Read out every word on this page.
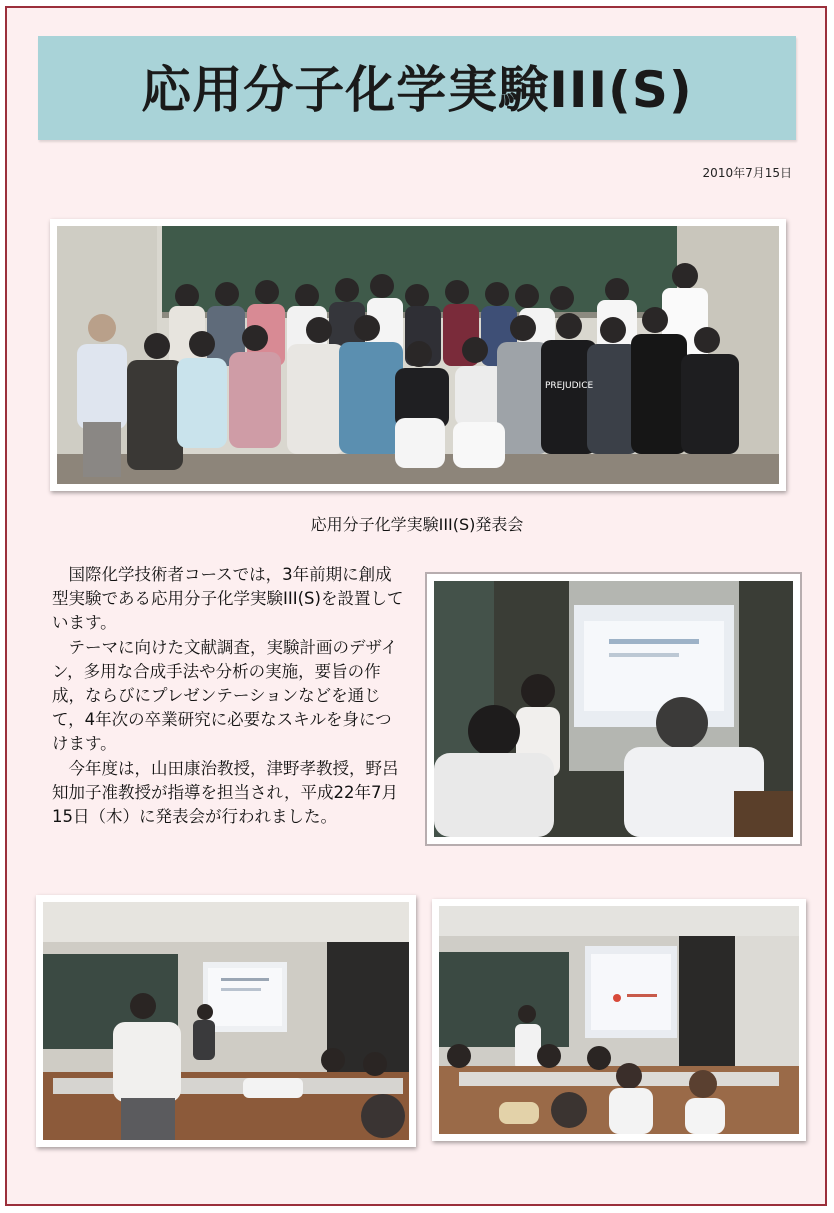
応用分子化学実験III(S)
2010年7月15日
PREJUDICE
応用分子化学実験III(S)発表会

国際化学技術者コースでは，3年前期に創成型実験である応用分子化学実験III(S)を設置しています。

テーマに向けた文献調査，実験計画のデザイン，多用な合成手法や分析の実施，要旨の作成，ならびにプレゼンテーションなどを通じて，4年次の卒業研究に必要なスキルを身につけます。

今年度は，山田康治教授，津野孝教授，野呂知加子准教授が指導を担当され，平成22年7月15日（木）に発表会が行われました。
